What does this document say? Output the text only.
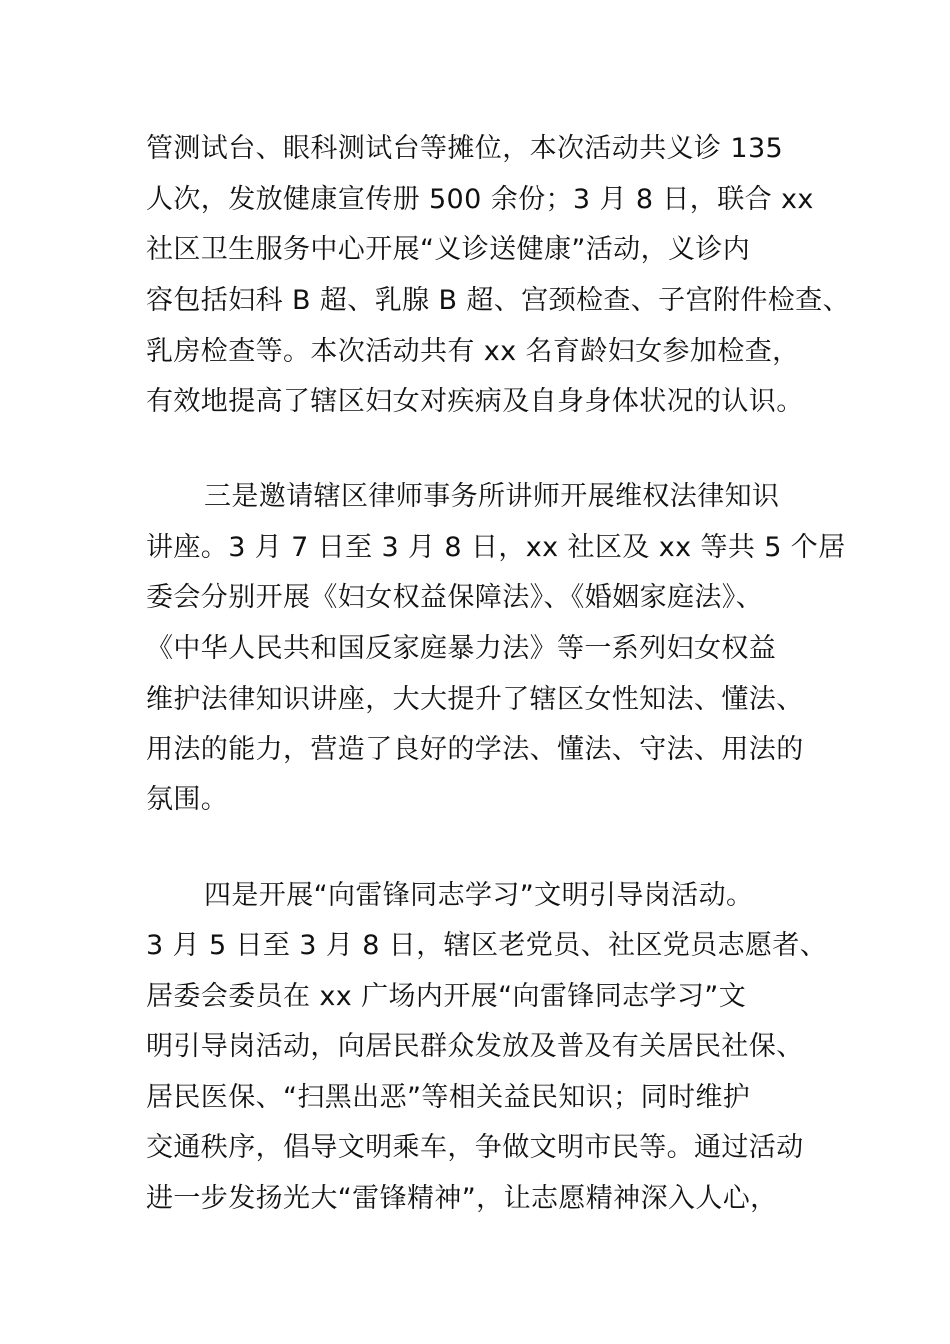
管测试台、眼科测试台等摊位，本次活动共义诊 135
人次，发放健康宣传册 500 余份；3 月 8 日，联合 xx
社区卫生服务中心开展“义诊送健康”活动，义诊内
容包括妇科 B 超、乳腺 B 超、宫颈检查、子宫附件检查、
乳房检查等。本次活动共有 xx 名育龄妇女参加检查，
有效地提高了辖区妇女对疾病及自身身体状况的认识。
三是邀请辖区律师事务所讲师开展维权法律知识
讲座。3 月 7 日至 3 月 8 日，xx 社区及 xx 等共 5 个居
委会分别开展《妇女权益保障法》、《婚姻家庭法》、
《中华人民共和国反家庭暴力法》等一系列妇女权益
维护法律知识讲座，大大提升了辖区女性知法、懂法、
用法的能力，营造了良好的学法、懂法、守法、用法的
氛围。
四是开展“向雷锋同志学习”文明引导岗活动。
3 月 5 日至 3 月 8 日，辖区老党员、社区党员志愿者、
居委会委员在 xx 广场内开展“向雷锋同志学习”文
明引导岗活动，向居民群众发放及普及有关居民社保、
居民医保、“扫黑出恶”等相关益民知识；同时维护
交通秩序，倡导文明乘车，争做文明市民等。通过活动
进一步发扬光大“雷锋精神”，让志愿精神深入人心，
